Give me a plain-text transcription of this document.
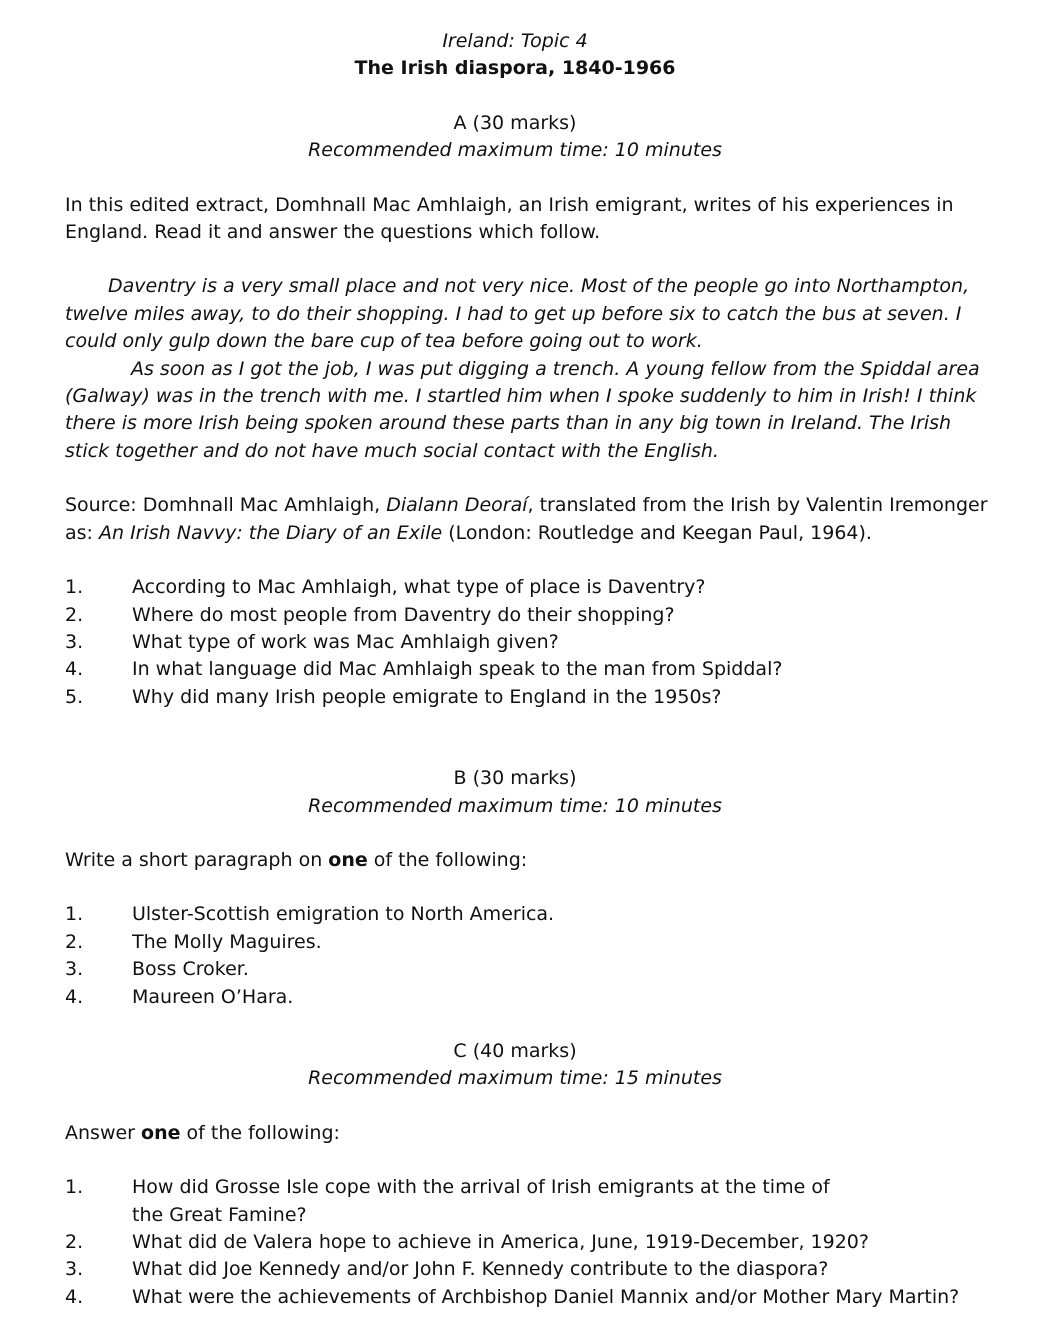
Ireland: Topic 4
The Irish diaspora, 1840-1966
A (30 marks)
Recommended maximum time: 10 minutes

In this edited extract, Domhnall Mac Amhlaigh, an Irish emigrant, writes of his experiences in England. Read it and answer the questions which follow.

Daventry is a very small place and not very nice. Most of the people go into Northampton, twelve miles away, to do their shopping. I had to get up before six to catch the bus at seven. I could only gulp down the bare cup of tea before going out to work.

As soon as I got the job, I was put digging a trench. A young fellow from the Spiddal area (Galway) was in the trench with me. I startled him when I spoke suddenly to him in Irish! I think there is more Irish being spoken around these parts than in any big town in Ireland. The Irish stick together and do not have much social contact with the English.

Source: Domhnall Mac Amhlaigh, Dialann Deoraí, translated from the Irish by Valentin Iremonger as: An Irish Navvy: the Diary of an Exile (London: Routledge and Keegan Paul, 1964).

1.	According to Mac Amhlaigh, what type of place is Daventry?
2.	Where do most people from Daventry do their shopping?
3.	What type of work was Mac Amhlaigh given?
4.	In what language did Mac Amhlaigh speak to the man from Spiddal?
5.	Why did many Irish people emigrate to England in the 1950s?
B (30 marks)
Recommended maximum time: 10 minutes

Write a short paragraph on one of the following:

1.	Ulster-Scottish emigration to North America.
2.	The Molly Maguires.
3.	Boss Croker.
4.	Maureen O’Hara.
C (40 marks)
Recommended maximum time: 15 minutes

Answer one of the following:

1.	How did Grosse Isle cope with the arrival of Irish emigrants at the time of the Great Famine?
2.	What did de Valera hope to achieve in America, June, 1919-December, 1920?
3.	What did Joe Kennedy and/or John F. Kennedy contribute to the diaspora?
4.	What were the achievements of Archbishop Daniel Mannix and/or Mother Mary Martin?
